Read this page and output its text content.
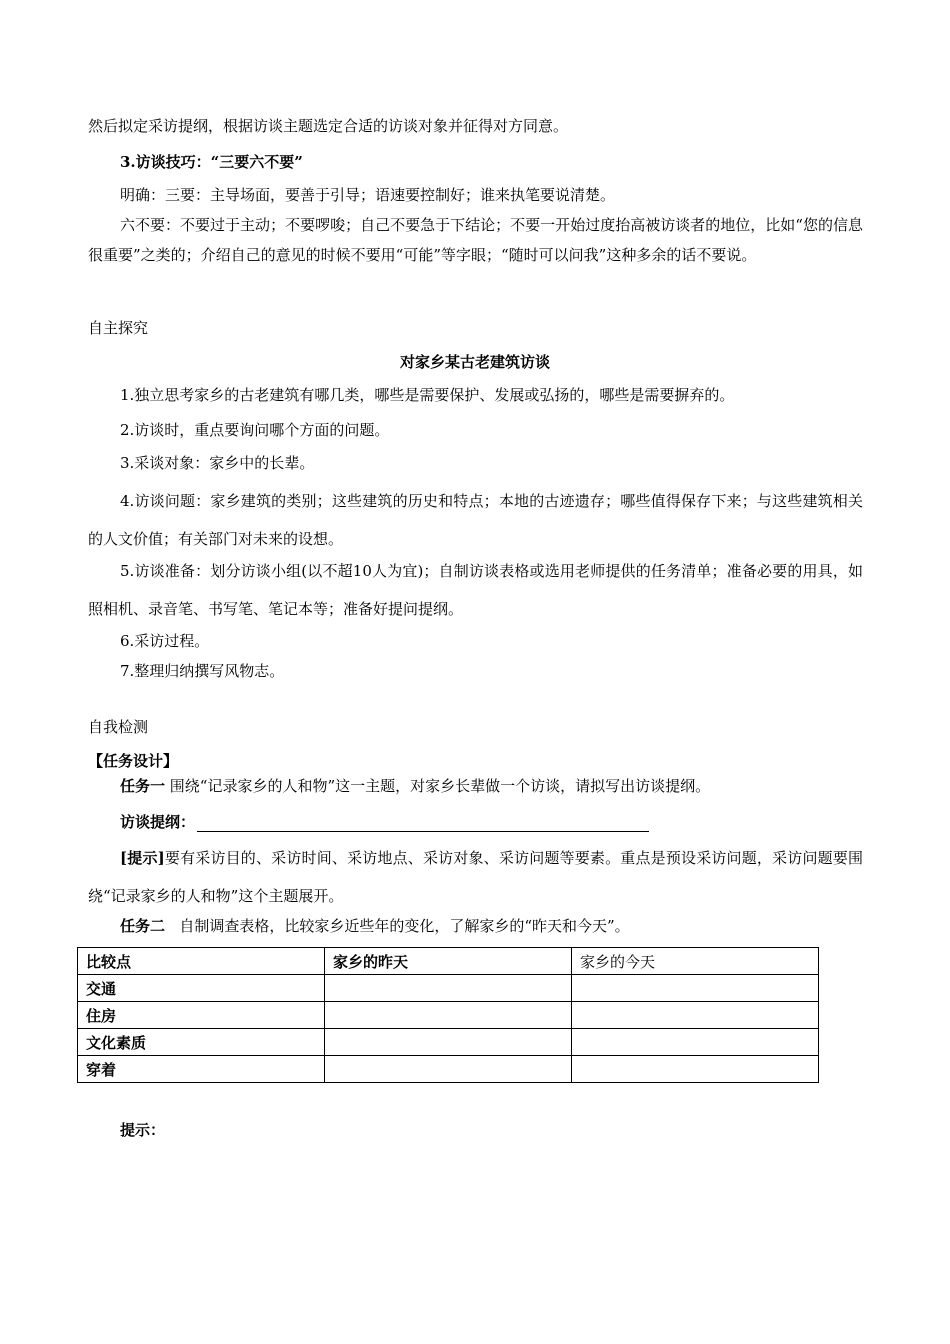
然后拟定采访提纲，根据访谈主题选定合适的访谈对象并征得对方同意。
3.访谈技巧：“三要六不要”
明确：三要：主导场面，要善于引导；语速要控制好；谁来执笔要说清楚。
六不要：不要过于主动；不要啰唆；自己不要急于下结论；不要一开始过度抬高被访谈者的地位，比如“您的信息很重要”之类的；介绍自己的意见的时候不要用“可能”等字眼；“随时可以问我”这种多余的话不要说。
自主探究
对家乡某古老建筑访谈
1.独立思考家乡的古老建筑有哪几类，哪些是需要保护、发展或弘扬的，哪些是需要摒弃的。
2.访谈时，重点要询问哪个方面的问题。
3.采谈对象：家乡中的长辈。
4.访谈问题：家乡建筑的类别；这些建筑的历史和特点；本地的古迹遗存；哪些值得保存下来；与这些建筑相关的人文价值；有关部门对未来的设想。
5.访谈准备：划分访谈小组(以不超10人为宜)；自制访谈表格或选用老师提供的任务清单；准备必要的用具，如照相机、录音笔、书写笔、笔记本等；准备好提问提纲。
6.采访过程。
7.整理归纳撰写风物志。
自我检测
【任务设计】
任务一 围绕“记录家乡的人和物”这一主题，对家乡长辈做一个访谈，请拟写出访谈提纲。
访谈提纲：
[提示]要有采访目的、采访时间、采访地点、采访对象、采访问题等要素。重点是预设采访问题，采访问题要围绕“记录家乡的人和物”这个主题展开。
任务二 自制调查表格，比较家乡近些年的变化，了解家乡的“昨天和今天”。
比较点	家乡的昨天	家乡的今天
交通		
住房		
文化素质		
穿着		
提示：
